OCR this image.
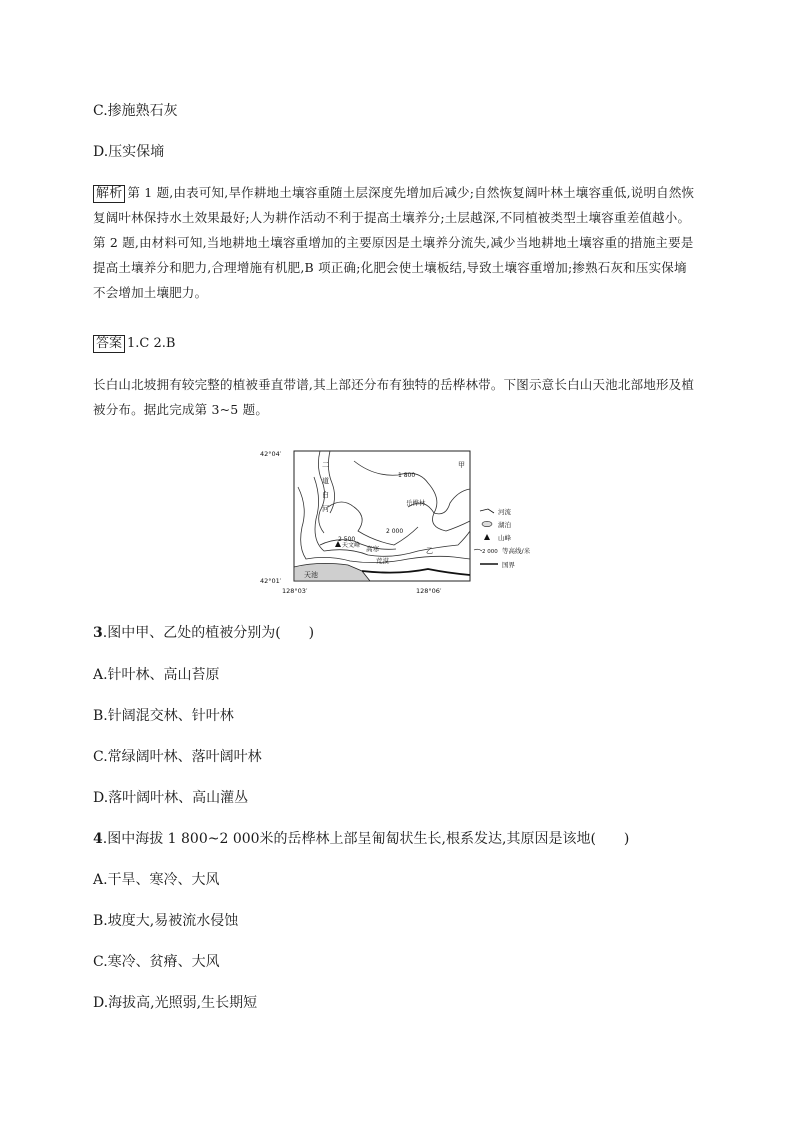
C.掺施熟石灰
D.压实保墒
解析 第 1 题,由表可知,旱作耕地土壤容重随土层深度先增加后减少;自然恢复阔叶林土壤容重低,说明自然恢复阔叶林保持水土效果最好;人为耕作活动不利于提高土壤养分;土层越深,不同植被类型土壤容重差值越小。第 2 题,由材料可知,当地耕地土壤容重增加的主要原因是土壤养分流失,减少当地耕地土壤容重的措施主要是提高土壤养分和肥力,合理增施有机肥,B 项正确;化肥会使土壤板结,导致土壤容重增加;掺熟石灰和压实保墒不会增加土壤肥力。
答案 1.C 2.B
长白山北坡拥有较完整的植被垂直带谱,其上部还分布有独特的岳桦林带。下图示意长白山天池北部地形及植被分布。据此完成第 3~5 题。
42°04′
42°01′
128°03′	128°06′
二
道
白
河
甲
乙
岳桦林
1 800
2 000
2 500
天文峰 高寒
荒漠
天池
河流
湖泊
山峰
2 000 等高线/米
国界
3.图中甲、乙处的植被分别为(　　)
A.针叶林、高山苔原
B.针阔混交林、针叶林
C.常绿阔叶林、落叶阔叶林
D.落叶阔叶林、高山灌丛
4.图中海拔 1 800~2 000米的岳桦林上部呈匍匐状生长,根系发达,其原因是该地(　　)
A.干旱、寒冷、大风
B.坡度大,易被流水侵蚀
C.寒冷、贫瘠、大风
D.海拔高,光照弱,生长期短
